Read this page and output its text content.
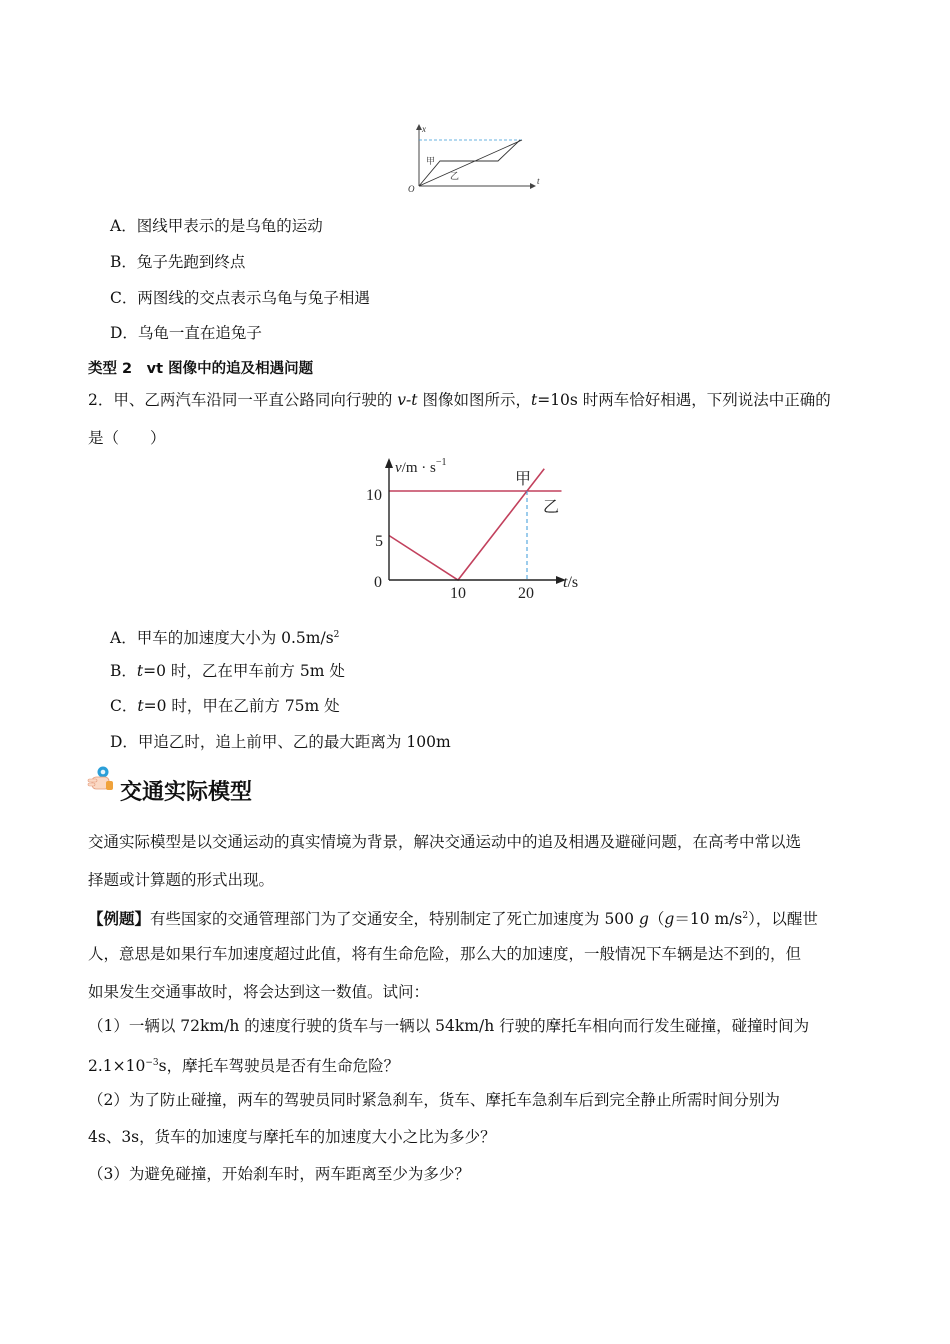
x
t
O
甲
乙
A．图线甲表示的是乌龟的运动
B．兔子先跑到终点
C．两图线的交点表示乌龟与兔子相遇
D．乌龟一直在追兔子
类型 2　vt 图像中的追及相遇问题
2．甲、乙两汽车沿同一平直公路同向行驶的 v-t 图像如图所示，t=10s 时两车恰好相遇，下列说法中正确的
是（　　）
$v/m \cdot s^{-1}$
10
5
0
10	20
t/s
甲
乙
A．甲车的加速度大小为 $0.5m/s^2$
B．t=0 时，乙在甲车前方 5m 处
C．t=0 时，甲在乙前方 75m 处
D．甲追乙时，追上前甲、乙的最大距离为 100m
交通实际模型
交通实际模型是以交通运动的真实情境为背景，解决交通运动中的追及相遇及避碰问题，在高考中常以选
择题或计算题的形式出现。
【例题】有些国家的交通管理部门为了交通安全，特别制定了死亡加速度为 500 g（g＝10 $m/s^2$），以醒世
人，意思是如果行车加速度超过此值，将有生命危险，那么大的加速度，一般情况下车辆是达不到的，但
如果发生交通事故时，将会达到这一数值。试问：
（1）一辆以 72km/h 的速度行驶的货车与一辆以 54km/h 行驶的摩托车相向而行发生碰撞，碰撞时间为
$2.1\times 10^{-3}s$，摩托车驾驶员是否有生命危险？
（2）为了防止碰撞，两车的驾驶员同时紧急刹车，货车、摩托车急刹车后到完全静止所需时间分别为
4s、3s，货车的加速度与摩托车的加速度大小之比为多少？
（3）为避免碰撞，开始刹车时，两车距离至少为多少？
